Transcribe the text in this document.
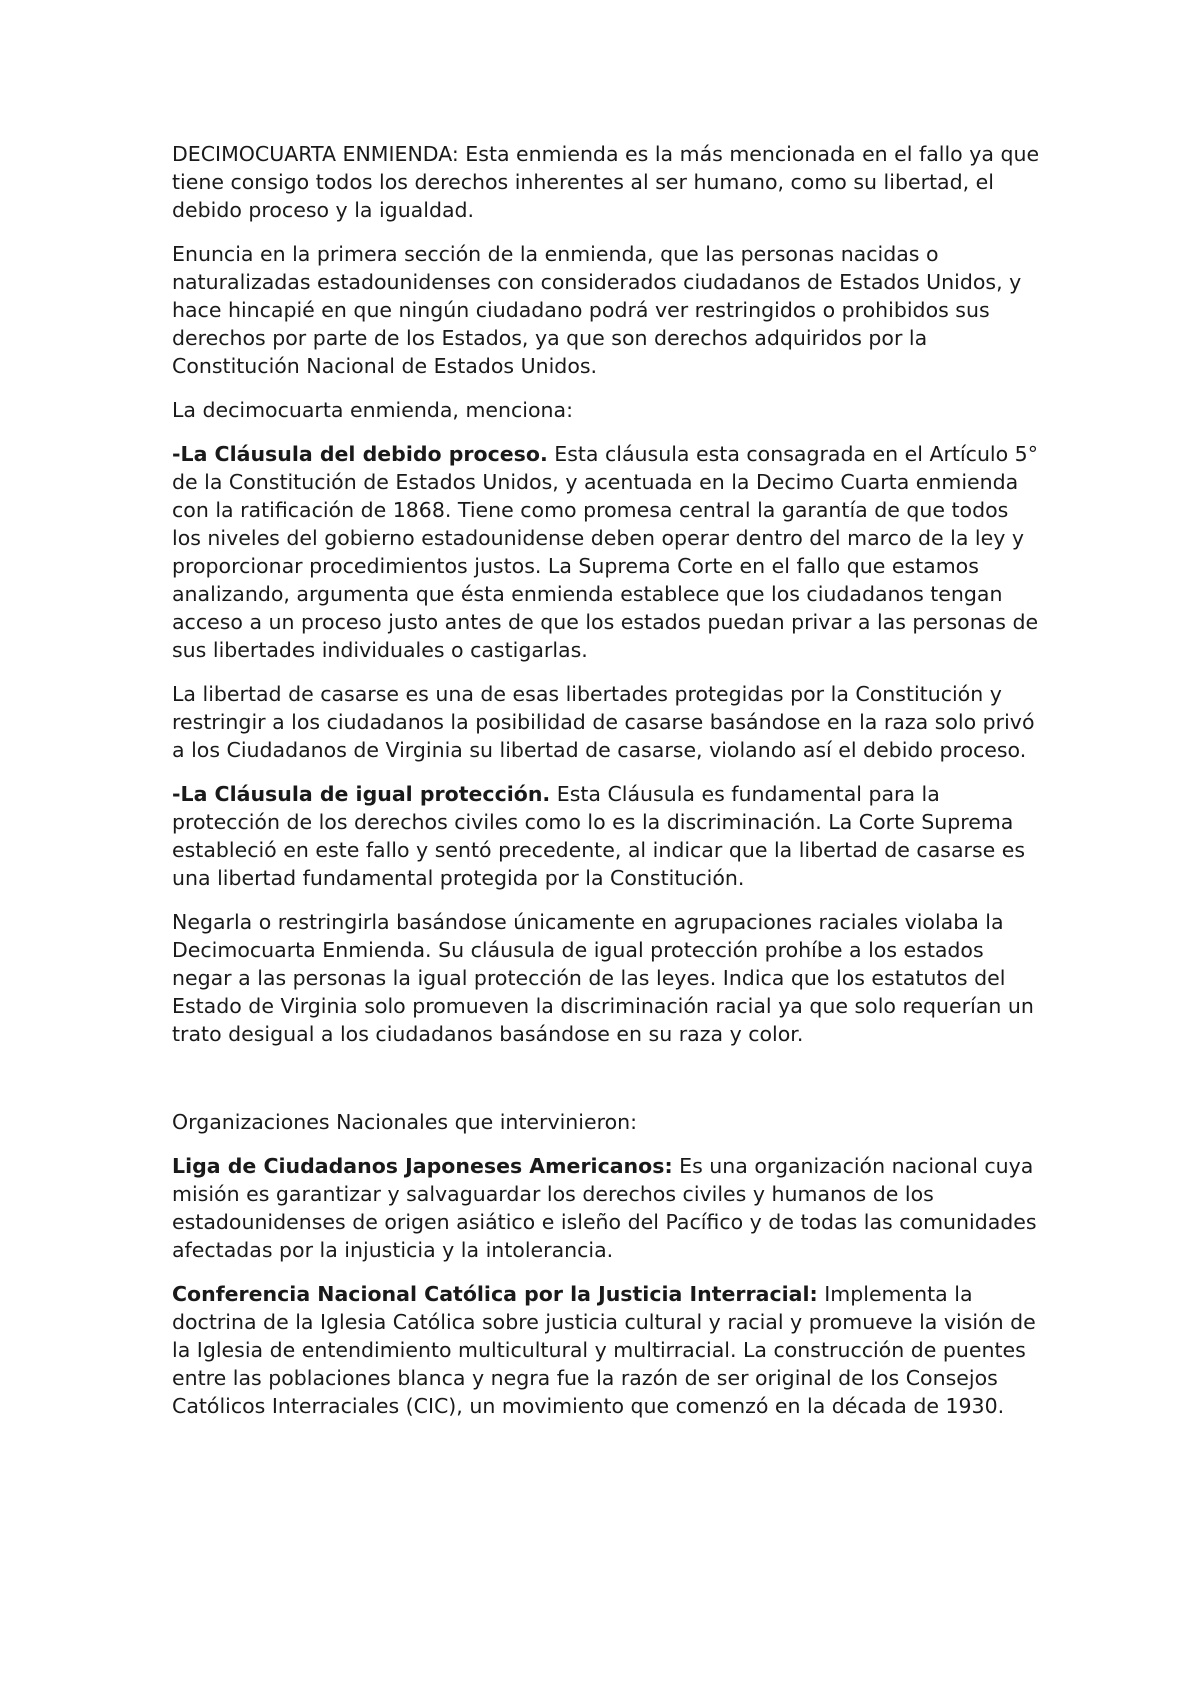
DECIMOCUARTA ENMIENDA: Esta enmienda es la más mencionada en el fallo ya que tiene consigo todos los derechos inherentes al ser humano, como su libertad, el debido proceso y la igualdad.

Enuncia en la primera sección de la enmienda, que las personas nacidas o naturalizadas estadounidenses con considerados ciudadanos de Estados Unidos, y hace hincapié en que ningún ciudadano podrá ver restringidos o prohibidos sus derechos por parte de los Estados, ya que son derechos adquiridos por la Constitución Nacional de Estados Unidos.

La decimocuarta enmienda, menciona:

-La Cláusula del debido proceso. Esta cláusula esta consagrada en el Artículo 5° de la Constitución de Estados Unidos, y acentuada en la Decimo Cuarta enmienda con la ratificación de 1868. Tiene como promesa central la garantía de que todos los niveles del gobierno estadounidense deben operar dentro del marco de la ley y proporcionar procedimientos justos. La Suprema Corte en el fallo que estamos analizando, argumenta que ésta enmienda establece que los ciudadanos tengan acceso a un proceso justo antes de que los estados puedan privar a las personas de sus libertades individuales o castigarlas.

La libertad de casarse es una de esas libertades protegidas por la Constitución y restringir a los ciudadanos la posibilidad de casarse basándose en la raza solo privó a los Ciudadanos de Virginia su libertad de casarse, violando así el debido proceso.

-La Cláusula de igual protección. Esta Cláusula es fundamental para la protección de los derechos civiles como lo es la discriminación. La Corte Suprema estableció en este fallo y sentó precedente, al indicar que la libertad de casarse es una libertad fundamental protegida por la Constitución.

Negarla o restringirla basándose únicamente en agrupaciones raciales violaba la Decimocuarta Enmienda. Su cláusula de igual protección prohíbe a los estados negar a las personas la igual protección de las leyes. Indica que los estatutos del Estado de Virginia solo promueven la discriminación racial ya que solo requerían un trato desigual a los ciudadanos basándose en su raza y color.

Organizaciones Nacionales que intervinieron:

Liga de Ciudadanos Japoneses Americanos: Es una organización nacional cuya misión es garantizar y salvaguardar los derechos civiles y humanos de los estadounidenses de origen asiático e isleño del Pacífico y de todas las comunidades afectadas por la injusticia y la intolerancia.

Conferencia Nacional Católica por la Justicia Interracial: Implementa la doctrina de la Iglesia Católica sobre justicia cultural y racial y promueve la visión de la Iglesia de entendimiento multicultural y multirracial. La construcción de puentes entre las poblaciones blanca y negra fue la razón de ser original de los Consejos Católicos Interraciales (CIC), un movimiento que comenzó en la década de 1930.
